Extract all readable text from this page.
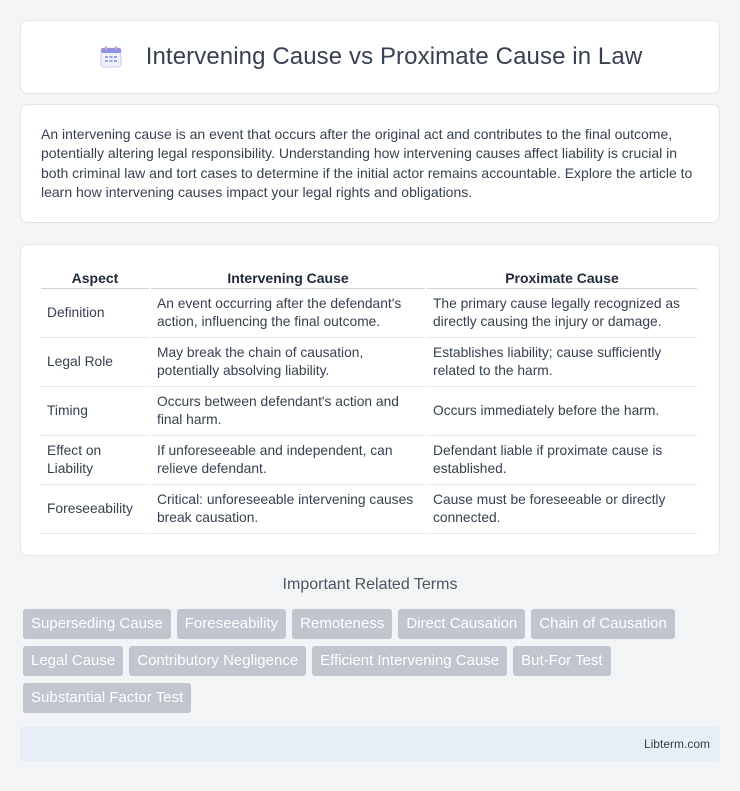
Intervening Cause vs Proximate Cause in Law

An intervening cause is an event that occurs after the original act and contributes to the final outcome, potentially altering legal responsibility. Understanding how intervening causes affect liability is crucial in both criminal law and tort cases to determine if the initial actor remains accountable. Explore the article to learn how intervening causes impact your legal rights and obligations.

Aspect	Intervening Cause	Proximate Cause
Definition	An event occurring after the defendant's action, influencing the final outcome.	The primary cause legally recognized as directly causing the injury or damage.
Legal Role	May break the chain of causation, potentially absolving liability.	Establishes liability; cause sufficiently related to the harm.
Timing	Occurs between defendant's action and final harm.	Occurs immediately before the harm.
Effect on Liability	If unforeseeable and independent, can relieve defendant.	Defendant liable if proximate cause is established.
Foreseeability	Critical: unforeseeable intervening causes break causation.	Cause must be foreseeable or directly connected.
Important Related Terms
Superseding Cause	Foreseeability	Remoteness	Direct Causation	Chain of Causation
Legal Cause	Contributory Negligence	Efficient Intervening Cause	But-For Test
Substantial Factor Test
Libterm.com
